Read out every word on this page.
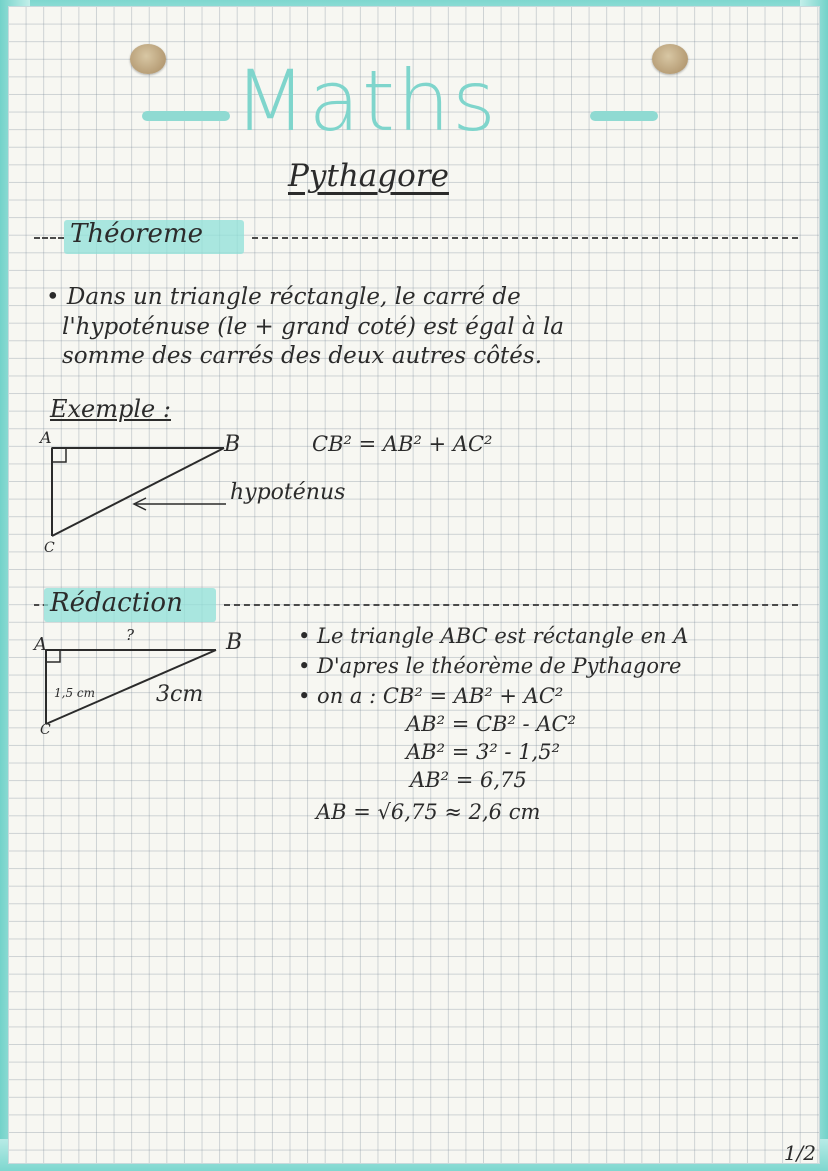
Maths
Pythagore
Théoreme
• Dans un triangle réctangle, le carré de
l'hypoténuse (le + grand coté) est égal à la
somme des carrés des deux autres côtés.
Exemple :
A	B
C
CB² = AB² + AC²
hypoténus
Rédaction
A	B
C
?
1,5 cm	3cm
• Le triangle ABC est réctangle en A
• D'apres le théorème de Pythagore
• on a : CB² = AB² + AC²
AB² = CB² - AC²
AB² = 3² - 1,5²
AB² = 6,75
AB = √6,75 ≈ 2,6 cm
1/2
